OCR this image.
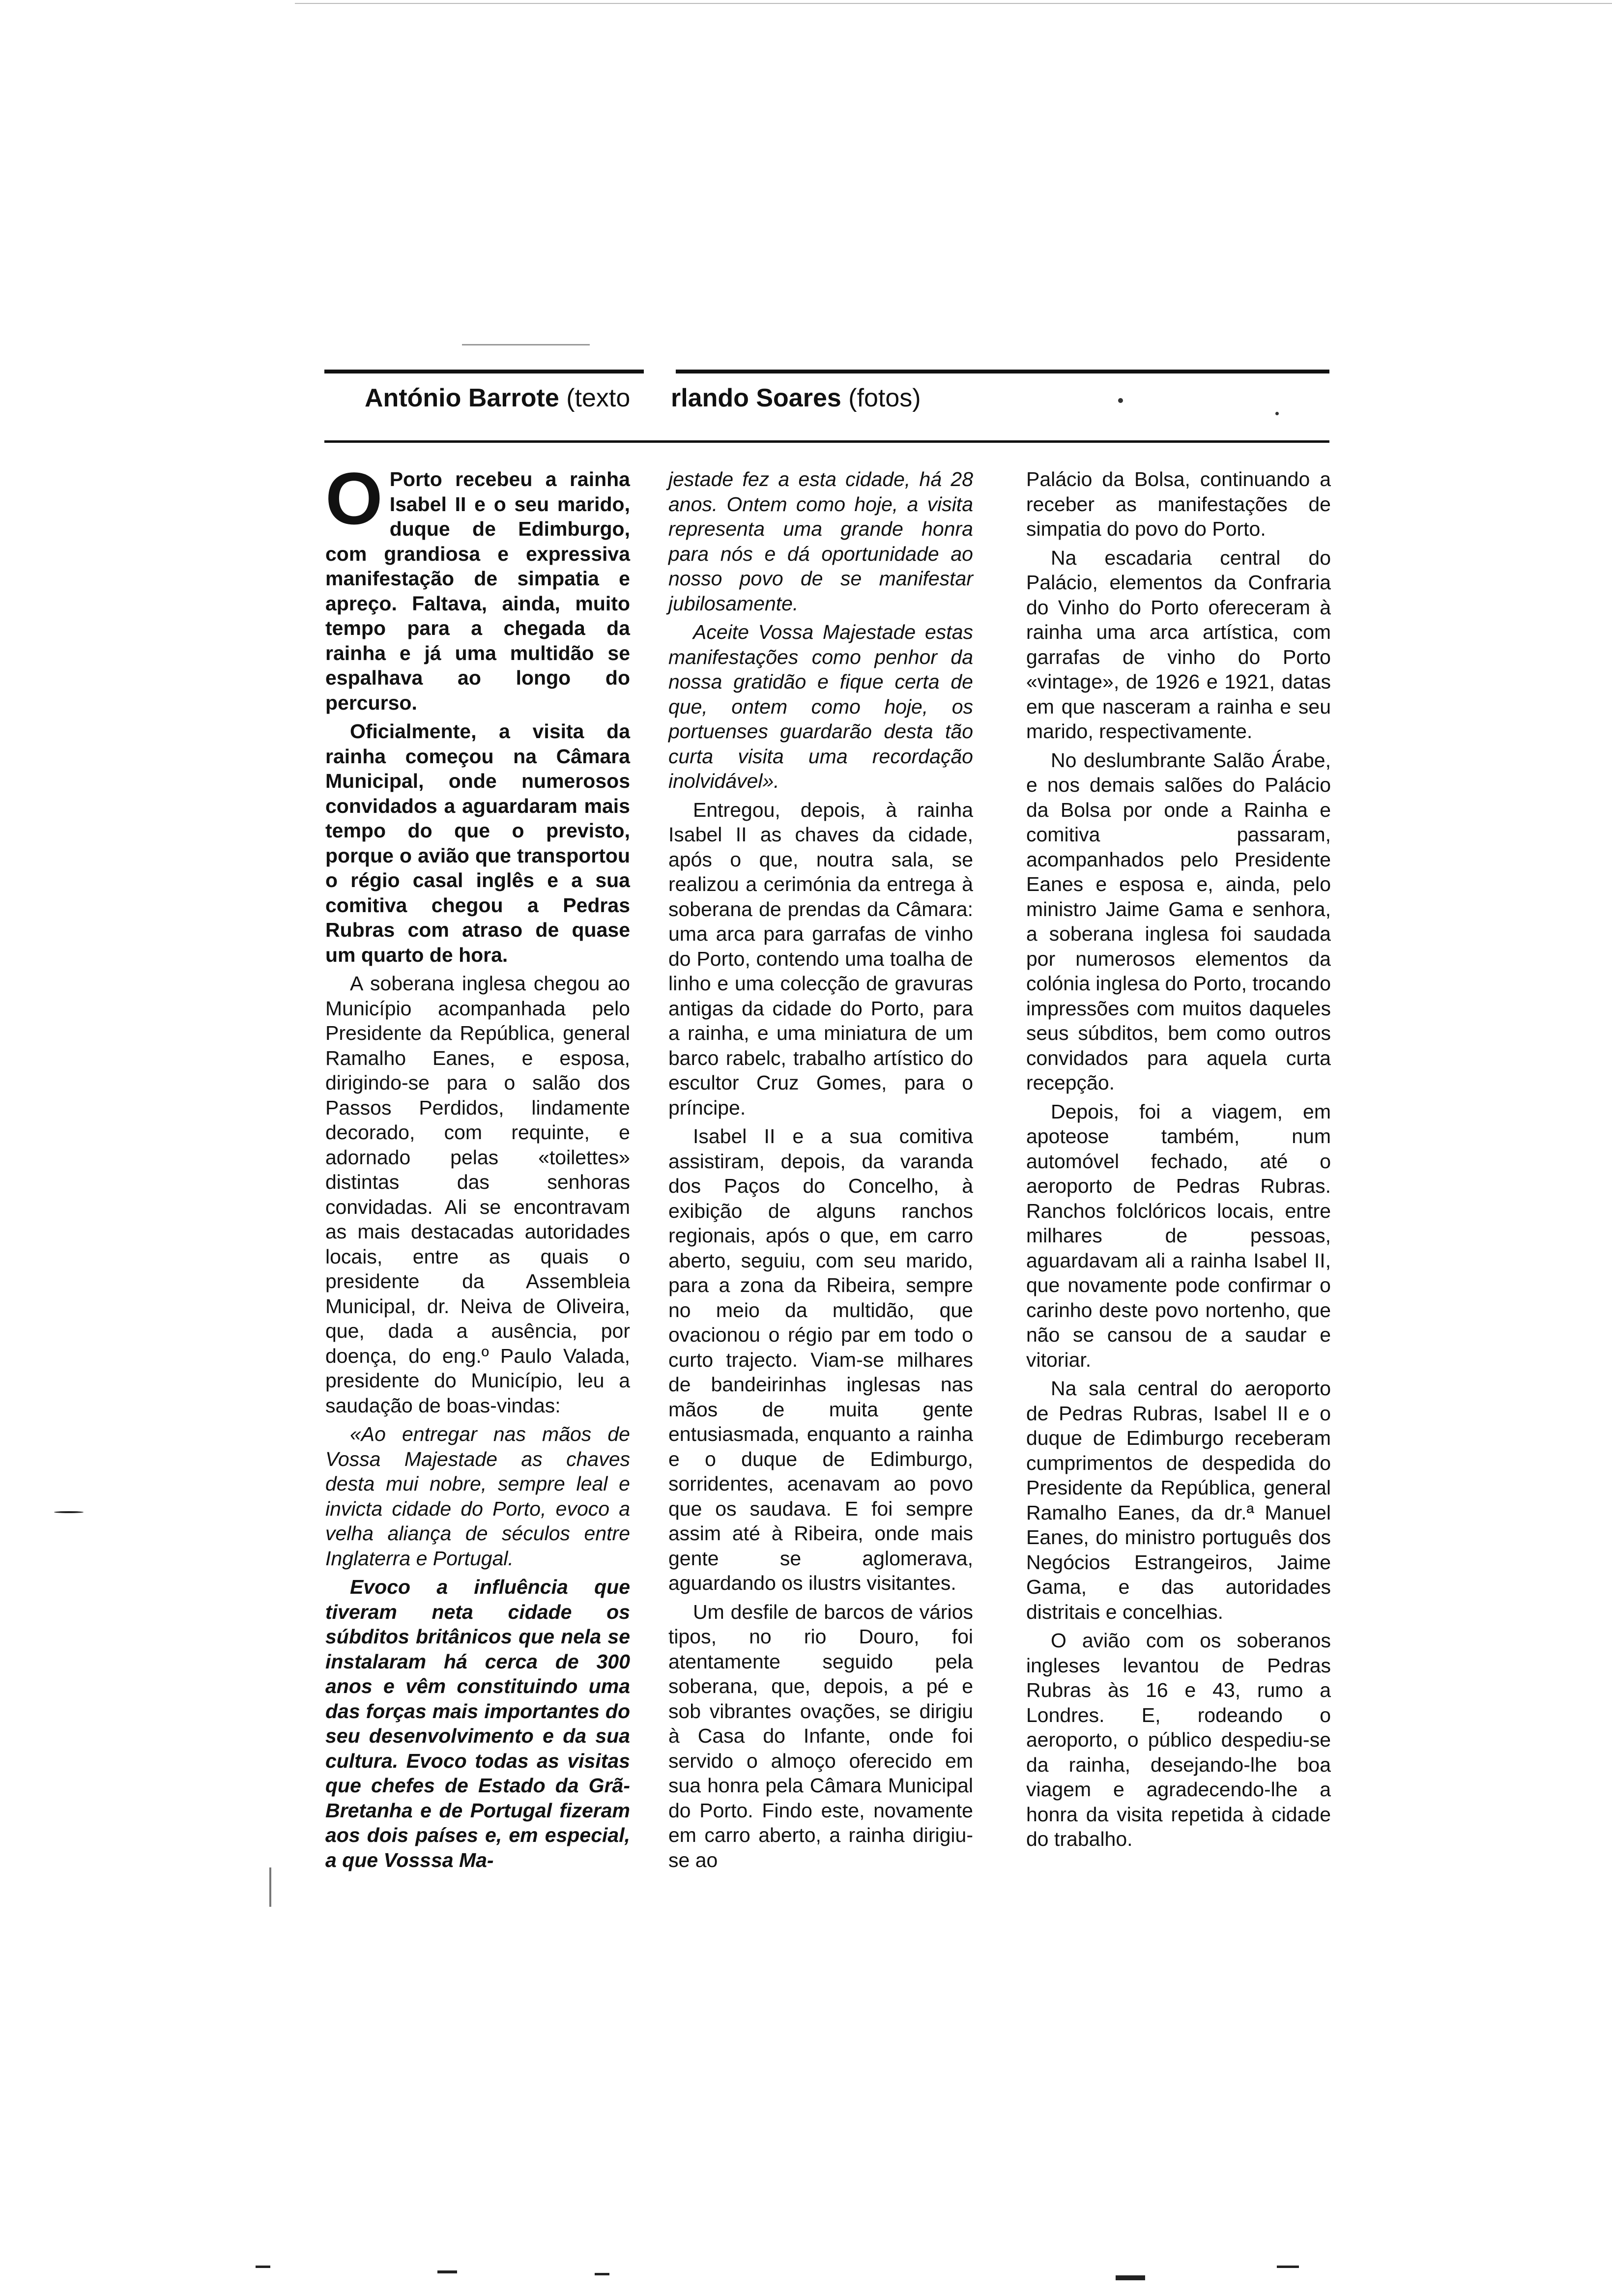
António Barrote (texto rlando Soares (fotos)

O Porto recebeu a rainha Isabel II e o seu marido, duque de Edimburgo, com grandiosa e expressiva manifestação de simpatia e apreço. Faltava, ainda, muito tempo para a chegada da rainha e já uma multidão se espalhava ao longo do percurso.

Oficialmente, a visita da rainha começou na Câmara Municipal, onde numerosos convidados a aguardaram mais tempo do que o previsto, porque o avião que transportou o régio casal inglês e a sua comitiva chegou a Pedras Rubras com atraso de quase um quarto de hora.

A soberana inglesa chegou ao Município acompanhada pelo Presidente da República, general Ramalho Eanes, e esposa, dirigindo-se para o salão dos Passos Perdidos, lindamente decorado, com requinte, e adornado pelas «toilettes» distintas das senhoras convidadas. Ali se encontravam as mais destacadas autoridades locais, entre as quais o presidente da Assembleia Municipal, dr. Neiva de Oliveira, que, dada a ausência, por doença, do eng.º Paulo Valada, presidente do Município, leu a saudação de boas-vindas:

«Ao entregar nas mãos de Vossa Majestade as chaves desta mui nobre, sempre leal e invicta cidade do Porto, evoco a velha aliança de séculos entre Inglaterra e Portugal.

Evoco a influência que tiveram neta cidade os súbditos britânicos que nela se instalaram há cerca de 300 anos e vêm constituindo uma das forças mais importantes do seu desenvolvimento e da sua cultura. Evoco todas as visitas que chefes de Estado da Grã-Bretanha e de Portugal fizeram aos dois países e, em especial, a que Vosssa Ma-

jestade fez a esta cidade, há 28 anos. Ontem como hoje, a visita representa uma grande honra para nós e dá oportunidade ao nosso povo de se manifestar jubilosamente.

Aceite Vossa Majestade estas manifestações como penhor da nossa gratidão e fique certa de que, ontem como hoje, os portuenses guardarão desta tão curta visita uma recordação inolvidável».

Entregou, depois, à rainha Isabel II as chaves da cidade, após o que, noutra sala, se realizou a cerimónia da entrega à soberana de prendas da Câmara: uma arca para garrafas de vinho do Porto, contendo uma toalha de linho e uma colecção de gravuras antigas da cidade do Porto, para a rainha, e uma miniatura de um barco rabelc, trabalho artístico do escultor Cruz Gomes, para o príncipe.

Isabel II e a sua comitiva assistiram, depois, da varanda dos Paços do Concelho, à exibição de alguns ranchos regionais, após o que, em carro aberto, seguiu, com seu marido, para a zona da Ribeira, sempre no meio da multidão, que ovacionou o régio par em todo o curto trajecto. Viam-se milhares de bandeirinhas inglesas nas mãos de muita gente entusiasmada, enquanto a rainha e o duque de Edimburgo, sorridentes, acenavam ao povo que os saudava. E foi sempre assim até à Ribeira, onde mais gente se aglomerava, aguardando os ilustrs visitantes.

Um desfile de barcos de vários tipos, no rio Douro, foi atentamente seguido pela soberana, que, depois, a pé e sob vibrantes ovações, se dirigiu à Casa do Infante, onde foi servido o almoço oferecido em sua honra pela Câmara Municipal do Porto. Findo este, novamente em carro aberto, a rainha dirigiu-se ao

Palácio da Bolsa, continuando a receber as manifestações de simpatia do povo do Porto.

Na escadaria central do Palácio, elementos da Confraria do Vinho do Porto ofereceram à rainha uma arca artística, com garrafas de vinho do Porto «vintage», de 1926 e 1921, datas em que nasceram a rainha e seu marido, respectivamente.

No deslumbrante Salão Árabe, e nos demais salões do Palácio da Bolsa por onde a Rainha e comitiva passaram, acompanhados pelo Presidente Eanes e esposa e, ainda, pelo ministro Jaime Gama e senhora, a soberana inglesa foi saudada por numerosos elementos da colónia inglesa do Porto, trocando impressões com muitos daqueles seus súbditos, bem como outros convidados para aquela curta recepção.

Depois, foi a viagem, em apoteose também, num automóvel fechado, até o aeroporto de Pedras Rubras. Ranchos folclóricos locais, entre milhares de pessoas, aguardavam ali a rainha Isabel II, que novamente pode confirmar o carinho deste povo nortenho, que não se cansou de a saudar e vitoriar.

Na sala central do aeroporto de Pedras Rubras, Isabel II e o duque de Edimburgo receberam cumprimentos de despedida do Presidente da República, general Ramalho Eanes, da dr.ª Manuel Eanes, do ministro português dos Negócios Estrangeiros, Jaime Gama, e das autoridades distritais e concelhias.

O avião com os soberanos ingleses levantou de Pedras Rubras às 16 e 43, rumo a Londres. E, rodeando o aeroporto, o público despediu-se da rainha, desejando-lhe boa viagem e agradecendo-lhe a honra da visita repetida à cidade do trabalho.
